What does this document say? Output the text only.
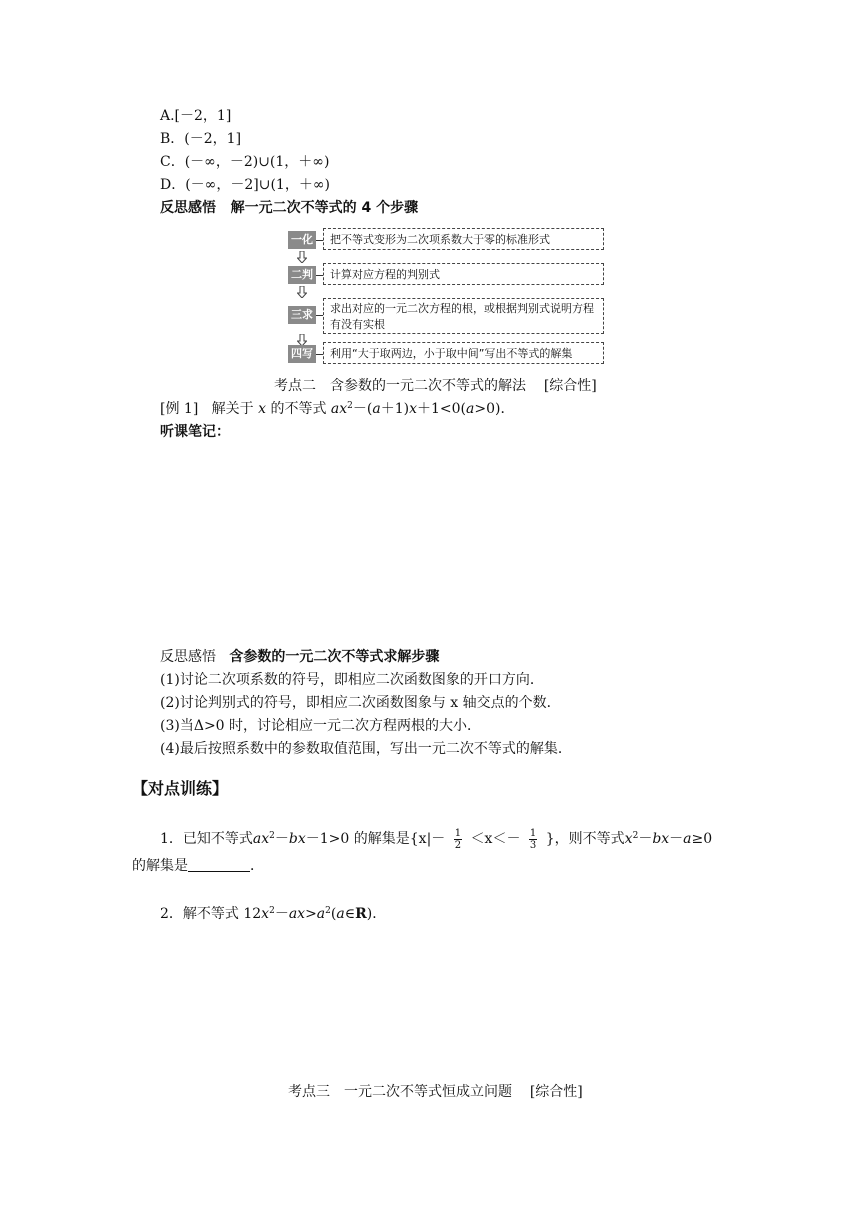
A.[－2，1]
B．(－2，1]
C．(－∞，－2)∪(1，＋∞)
D．(－∞，－2]∪(1，＋∞)
反思感悟 解一元二次不等式的 4 个步骤
一化	把不等式变形为二次项系数大于零的标准形式
二判	计算对应方程的判别式
三求	求出对应的一元二次方程的根，或根据判别式说明方程有没有实根
四写	利用“大于取两边，小于取中间”写出不等式的解集
考点二　含参数的一元二次不等式的解法 [综合性]
[例 1] 解关于 x 的不等式 $ax^2-(a+1)x+1<0(a>0)$．
听课笔记：
反思感悟 含参数的一元二次不等式求解步骤
(1)讨论二次项系数的符号，即相应二次函数图象的开口方向．
(2)讨论判别式的符号，即相应二次函数图象与 x 轴交点的个数．
(3)当Δ>0 时，讨论相应一元二次方程两根的大小．
(4)最后按照系数中的参数取值范围，写出一元二次不等式的解集．
【对点训练】
1．已知不等式$ax^2-bx-1>0$ 的解集是{$x|- \frac{1}{2} <x<- \frac{1}{3}$ }，则不等式$x^2-bx-a\ge 0$
的解集是	．
2．解不等式 $12x^2-ax>a^2(a\in R)$．
考点三　一元二次不等式恒成立问题 [综合性]
